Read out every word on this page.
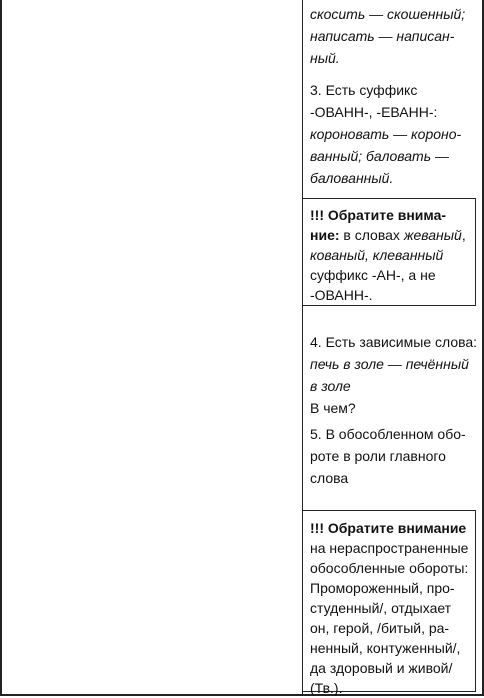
скосить — скошенный;
написать — написан-
ный.
3. Есть суффикс
-ОВАНН-, -ЕВАНН-:
короновать — короно-
ванный; баловать —
балованный.
!!! Обратите внима-
ние: в словах жеваный,
кованый, клеванный
суффикс -АН-, а не
-ОВАНН-.
4. Есть зависимые слова:
печь в золе — печённый
в золе
В чем?
5. В обособленном обо-
роте в роли главного
слова
!!! Обратите внимание
на нераспространенные
обособленные обороты:
Промороженный, про-
студенный/, отдыхает
он, герой, /битый, ра-
ненный, контуженный/,
да здоровый и живой/
(Тв.).
